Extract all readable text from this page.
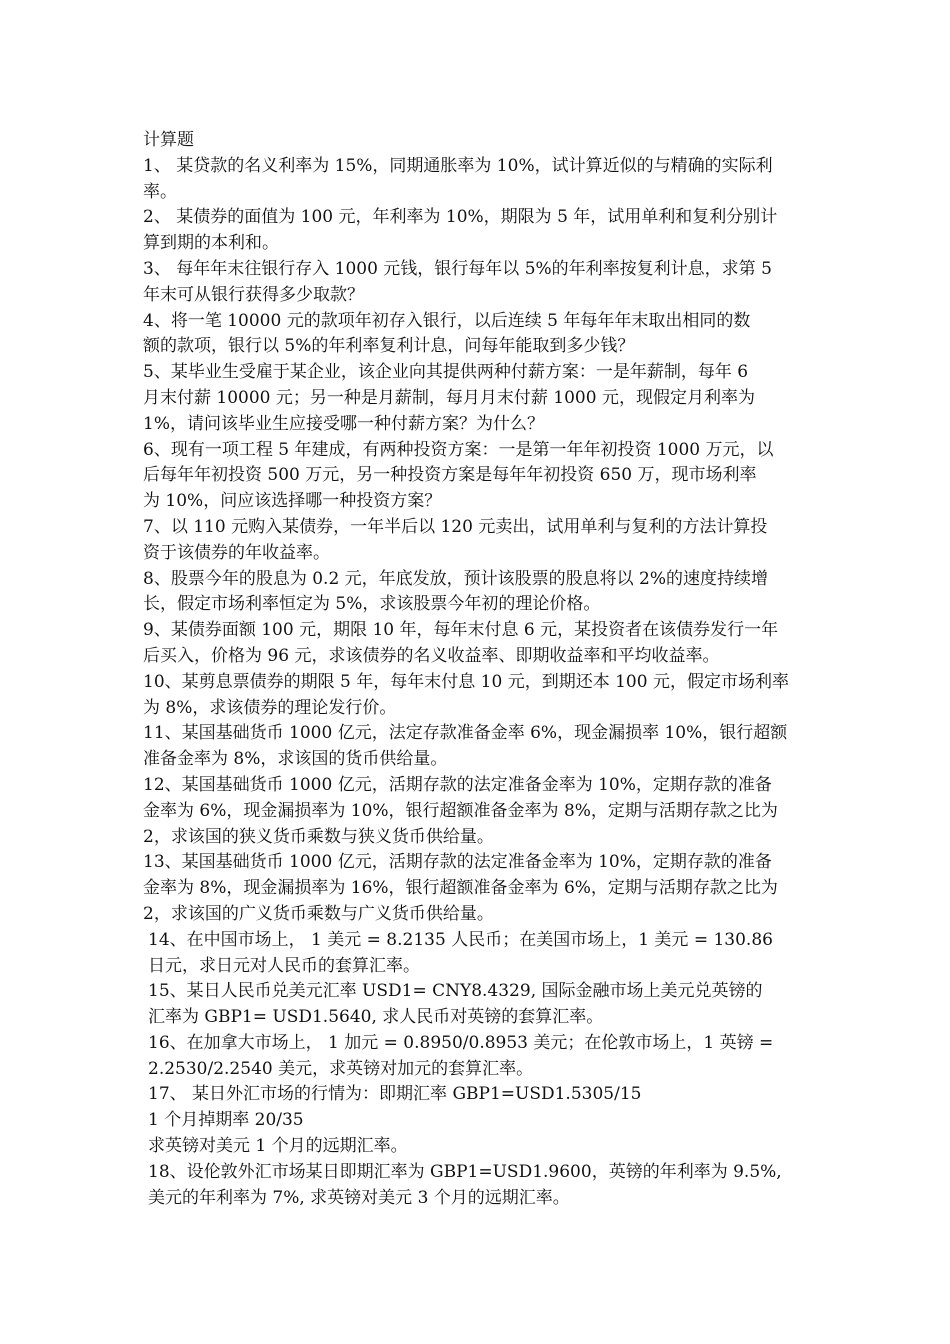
计算题
1、 某贷款的名义利率为 15%，同期通胀率为 10%，试计算近似的与精确的实际利
率。
2、 某债券的面值为 100 元，年利率为 10%，期限为 5 年，试用单利和复利分别计
算到期的本利和。
3、 每年年末往银行存入 1000 元钱，银行每年以 5%的年利率按复利计息，求第 5
年末可从银行获得多少取款？
4、将一笔 10000 元的款项年初存入银行，以后连续 5 年每年年末取出相同的数
额的款项，银行以 5%的年利率复利计息，问每年能取到多少钱？
5、某毕业生受雇于某企业，该企业向其提供两种付薪方案：一是年薪制，每年 6
月末付薪 10000 元；另一种是月薪制，每月月末付薪 1000 元，现假定月利率为
1%，请问该毕业生应接受哪一种付薪方案？为什么？
6、现有一项工程 5 年建成，有两种投资方案：一是第一年年初投资 1000 万元，以
后每年年初投资 500 万元，另一种投资方案是每年年初投资 650 万，现市场利率
为 10%，问应该选择哪一种投资方案？
7、以 110 元购入某债券，一年半后以 120 元卖出，试用单利与复利的方法计算投
资于该债券的年收益率。
8、股票今年的股息为 0.2 元，年底发放，预计该股票的股息将以 2%的速度持续增
长，假定市场利率恒定为 5%，求该股票今年初的理论价格。
9、某债券面额 100 元，期限 10 年，每年末付息 6 元，某投资者在该债券发行一年
后买入，价格为 96 元，求该债券的名义收益率、即期收益率和平均收益率。
10、某剪息票债券的期限 5 年，每年末付息 10 元，到期还本 100 元，假定市场利率
为 8%，求该债券的理论发行价。
11、某国基础货币 1000 亿元，法定存款准备金率 6%，现金漏损率 10%，银行超额
准备金率为 8%，求该国的货币供给量。
12、某国基础货币 1000 亿元，活期存款的法定准备金率为 10%，定期存款的准备
金率为 6%，现金漏损率为 10%，银行超额准备金率为 8%，定期与活期存款之比为
2，求该国的狭义货币乘数与狭义货币供给量。
13、某国基础货币 1000 亿元，活期存款的法定准备金率为 10%，定期存款的准备
金率为 8%，现金漏损率为 16%，银行超额准备金率为 6%，定期与活期存款之比为
2，求该国的广义货币乘数与广义货币供给量。
14、在中国市场上， 1 美元 = 8.2135 人民币；在美国市场上，1 美元 = 130.86
日元，求日元对人民币的套算汇率。
15、某日人民币兑美元汇率 USD1= CNY8.4329, 国际金融市场上美元兑英镑的
汇率为 GBP1= USD1.5640, 求人民币对英镑的套算汇率。
16、在加拿大市场上， 1 加元 = 0.8950/0.8953 美元；在伦敦市场上，1 英镑 =
2.2530/2.2540 美元，求英镑对加元的套算汇率。
17、 某日外汇市场的行情为：即期汇率 GBP1=USD1.5305/15
1 个月掉期率 20/35
求英镑对美元 1 个月的远期汇率。
18、设伦敦外汇市场某日即期汇率为 GBP1=USD1.9600，英镑的年利率为 9.5%,
美元的年利率为 7%, 求英镑对美元 3 个月的远期汇率。
